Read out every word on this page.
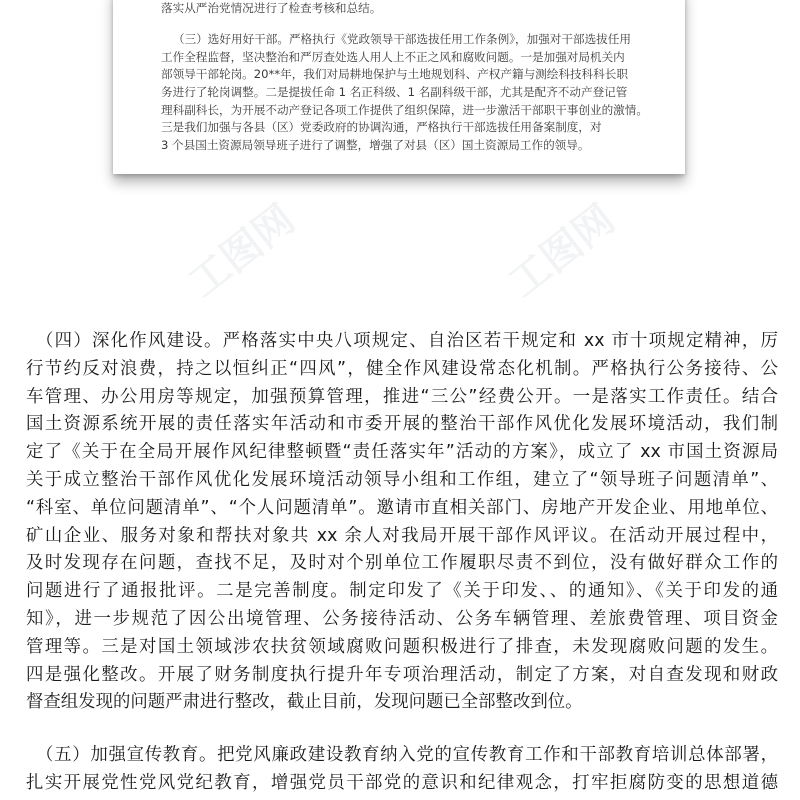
落实从严治党情况进行了检查考核和总结。

（三）选好用好干部。严格执行《党政领导干部选拔任用工作条例》，加强对干部选拔任用

工作全程监督，坚决整治和严厉查处选人用人上不正之风和腐败问题。一是加强对局机关内

部领导干部轮岗。20**年，我们对局耕地保护与土地规划科、产权产籍与测绘科技科科长职

务进行了轮岗调整。二是提拔任命 1 名正科级、1 名副科级干部，尤其是配齐不动产登记管

理科副科长，为开展不动产登记各项工作提供了组织保障，进一步激活干部职干事创业的激情。

三是我们加强与各县（区）党委政府的协调沟通，严格执行干部选拔任用备案制度，对

3 个县国土资源局领导班子进行了调整，增强了对县（区）国土资源局工作的领导。

工图网	工图网
（四）深化作风建设。严格落实中央八项规定、自治区若干规定和 xx 市十项规定精神，厉
行节约反对浪费，持之以恒纠正“四风”，健全作风建设常态化机制。严格执行公务接待、公
车管理、办公用房等规定，加强预算管理，推进“三公”经费公开。一是落实工作责任。结合
国土资源系统开展的责任落实年活动和市委开展的整治干部作风优化发展环境活动，我们制
定了《关于在全局开展作风纪律整顿暨“责任落实年”活动的方案》，成立了 xx 市国土资源局
关于成立整治干部作风优化发展环境活动领导小组和工作组，建立了“领导班子问题清单”、
“科室、单位问题清单”、“个人问题清单”。邀请市直相关部门、房地产开发企业、用地单位、
矿山企业、服务对象和帮扶对象共 xx 余人对我局开展干部作风评议。在活动开展过程中，
及时发现存在问题，查找不足，及时对个别单位工作履职尽责不到位，没有做好群众工作的
问题进行了通报批评。二是完善制度。制定印发了《关于印发、、的通知》、《关于印发的通
知》，进一步规范了因公出境管理、公务接待活动、公务车辆管理、差旅费管理、项目资金
管理等。三是对国土领域涉农扶贫领域腐败问题积极进行了排查，未发现腐败问题的发生。
四是强化整改。开展了财务制度执行提升年专项治理活动，制定了方案，对自查发现和财政
督查组发现的问题严肃进行整改，截止目前，发现问题已全部整改到位。
（五）加强宣传教育。把党风廉政建设教育纳入党的宣传教育工作和干部教育培训总体部署，
扎实开展党性党风党纪教育，增强党员干部党的意识和纪律观念，打牢拒腐防变的思想道德
